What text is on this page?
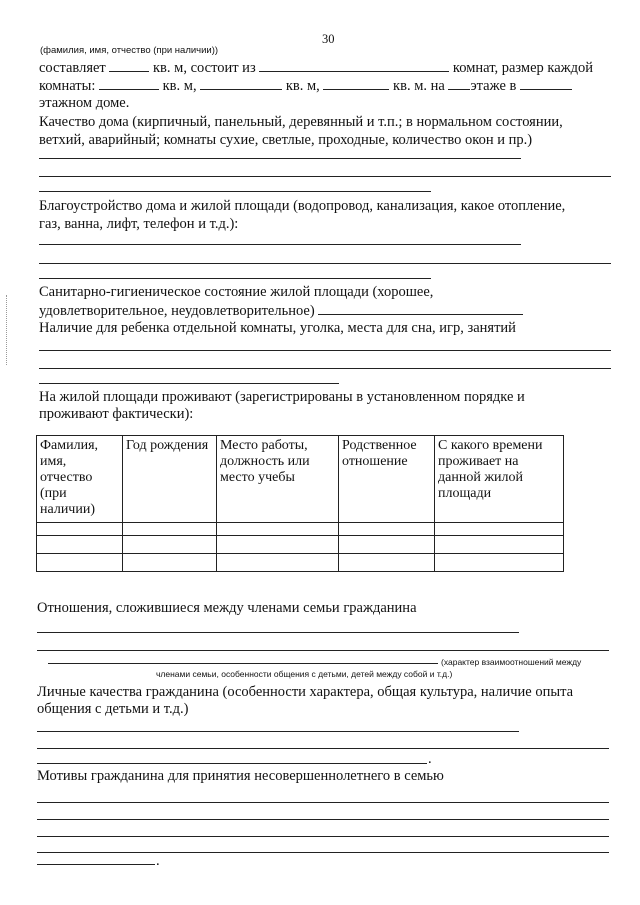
30
(фамилия, имя, отчество (при наличии))
составляет	кв. м, состоит из	комнат, размер каждой
комнаты:	кв. м,	кв. м,	кв. м. на этаже в
этажном доме.
Качество дома (кирпичный, панельный, деревянный и т.п.; в нормальном состоянии,
ветхий, аварийный; комнаты сухие, светлые, проходные, количество окон и пр.)
Благоустройство дома и жилой площади (водопровод, канализация, какое отопление,
газ, ванна, лифт, телефон и т.д.):
Санитарно-гигиеническое состояние жилой площади (хорошее,
удовлетворительное, неудовлетворительное)
Наличие для ребенка отдельной комнаты, уголка, места для сна, игр, занятий
На жилой площади проживают (зарегистрированы в установленном порядке и
проживают фактически):
Фамилия, имя, отчество (при наличии)	Год рождения	Место работы, должность или место учебы	Родственное отношение	С какого времени проживает на данной жилой площади

Отношения, сложившиеся между членами семьи гражданина
(характер взаимоотношений между
членами семьи, особенности общения с детьми, детей между собой и т.д.)
Личные качества гражданина (особенности характера, общая культура, наличие опыта
общения с детьми и т.д.)
.
Мотивы гражданина для принятия несовершеннолетнего в семью
.
